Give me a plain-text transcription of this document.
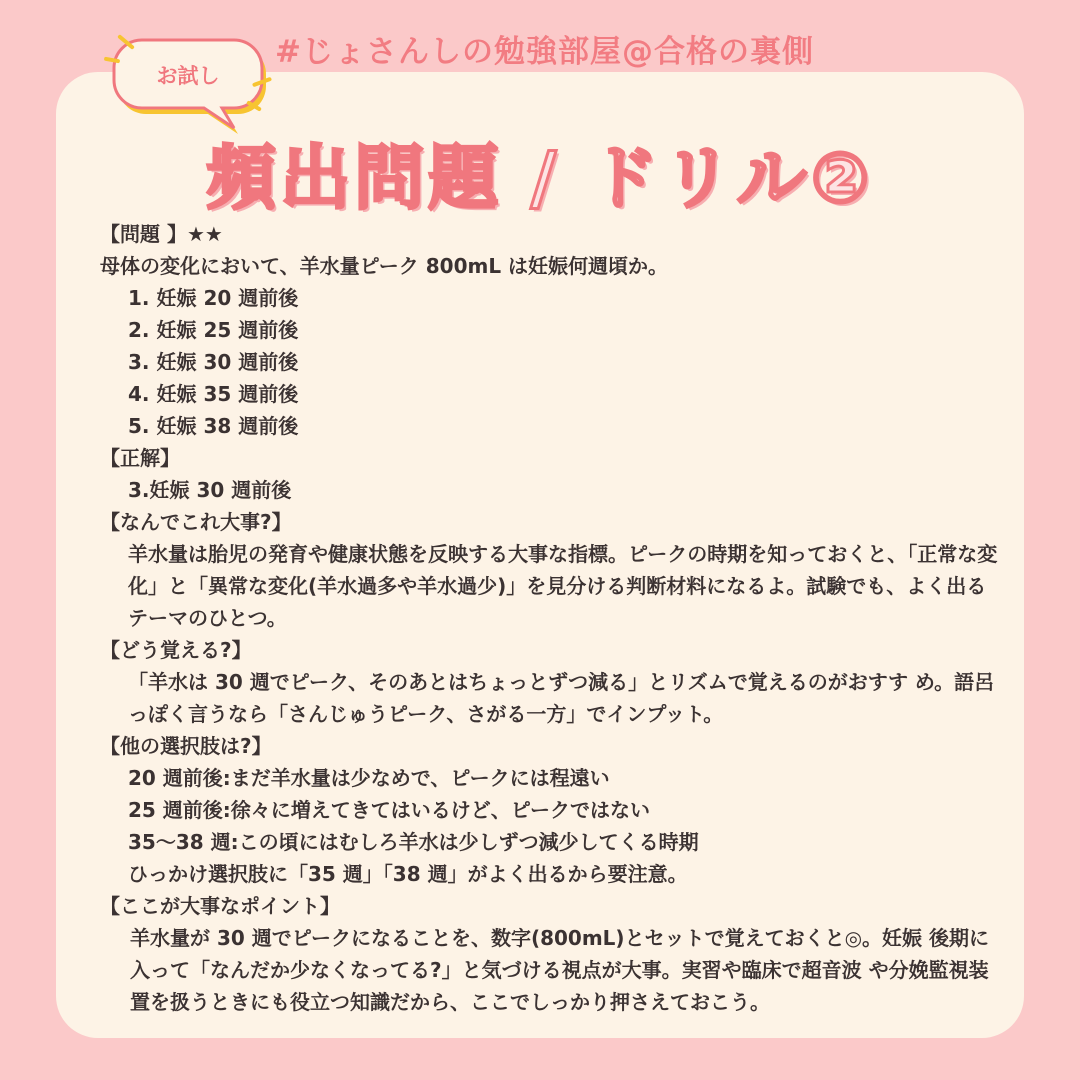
#じょさんしの勉強部屋@合格の裏側
お試し
頻出問題 / ドリル②
【問題 】★★
母体の変化において、羊水量ピーク 800mL は妊娠何週頃か。
1. 妊娠 20 週前後
2. 妊娠 25 週前後
3. 妊娠 30 週前後
4. 妊娠 35 週前後
5. 妊娠 38 週前後
【正解】
3.妊娠 30 週前後
【なんでこれ大事?】
羊水量は胎児の発育や健康状態を反映する大事な指標。ピークの時期を知っておくと、「正常な変化」と「異常な変化(羊水過多や羊水過少)」を見分ける判断材料になるよ。試験でも、よく出るテーマのひとつ。
【どう覚える?】
「羊水は 30 週でピーク、そのあとはちょっとずつ減る」とリズムで覚えるのがおすす め。語呂っぽく言うなら「さんじゅうピーク、さがる一方」でインプット。
【他の選択肢は?】
20 週前後:まだ羊水量は少なめで、ピークには程遠い
25 週前後:徐々に増えてきてはいるけど、ピークではない
35〜38 週:この頃にはむしろ羊水は少しずつ減少してくる時期
ひっかけ選択肢に「35 週」「38 週」がよく出るから要注意。
【ここが大事なポイント】
羊水量が 30 週でピークになることを、数字(800mL)とセットで覚えておくと◎。妊娠 後期に入って「なんだか少なくなってる?」と気づける視点が大事。実習や臨床で超音波 や分娩監視装置を扱うときにも役立つ知識だから、ここでしっかり押さえておこう。
